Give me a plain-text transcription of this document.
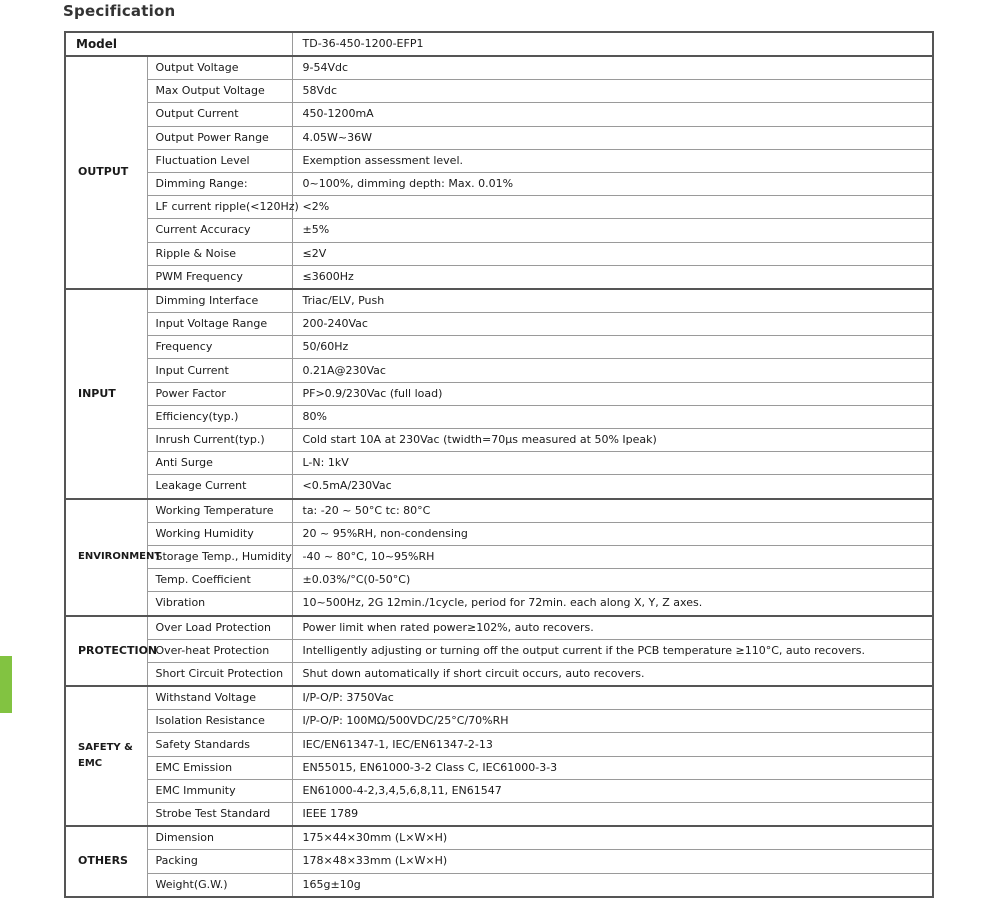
Specification
Model		TD-36-450-1200-EFP1
OUTPUT	Output Voltage	9-54Vdc
	Max Output Voltage	58Vdc
	Output Current	450-1200mA
	Output Power Range	4.05W~36W
	Fluctuation Level	Exemption assessment level.
	Dimming Range:	0~100%, dimming depth: Max. 0.01%
	LF current ripple(<120Hz)	<2%
	Current Accuracy	±5%
	Ripple & Noise	≤2V
	PWM Frequency	≤3600Hz
INPUT	Dimming Interface	Triac/ELV, Push
	Input Voltage Range	200-240Vac
	Frequency	50/60Hz
	Input Current	0.21A@230Vac
	Power Factor	PF>0.9/230Vac (full load)
	Efficiency(typ.)	80%
	Inrush Current(typ.)	Cold start 10A at 230Vac (twidth=70μs measured at 50% Ipeak)
	Anti Surge	L-N: 1kV
	Leakage Current	<0.5mA/230Vac
ENVIRONMENT	Working Temperature	ta: -20 ~ 50°C tc: 80°C
	Working Humidity	20 ~ 95%RH, non-condensing
	Storage Temp., Humidity	-40 ~ 80°C, 10~95%RH
	Temp. Coefficient	±0.03%/°C(0-50°C)
	Vibration	10~500Hz, 2G 12min./1cycle, period for 72min. each along X, Y, Z axes.
PROTECTION	Over Load Protection	Power limit when rated power≥102%, auto recovers.
	Over-heat Protection	Intelligently adjusting or turning off the output current if the PCB temperature ≥110°C, auto recovers.
	Short Circuit Protection	Shut down automatically if short circuit occurs, auto recovers.
SAFETY & EMC	Withstand Voltage	I/P-O/P: 3750Vac
	Isolation Resistance	I/P-O/P: 100MΩ/500VDC/25°C/70%RH
	Safety Standards	IEC/EN61347-1, IEC/EN61347-2-13
	EMC Emission	EN55015, EN61000-3-2 Class C, IEC61000-3-3
	EMC Immunity	EN61000-4-2,3,4,5,6,8,11, EN61547
	Strobe Test Standard	IEEE 1789
OTHERS	Dimension	175×44×30mm (L×W×H)
	Packing	178×48×33mm (L×W×H)
	Weight(G.W.)	165g±10g
